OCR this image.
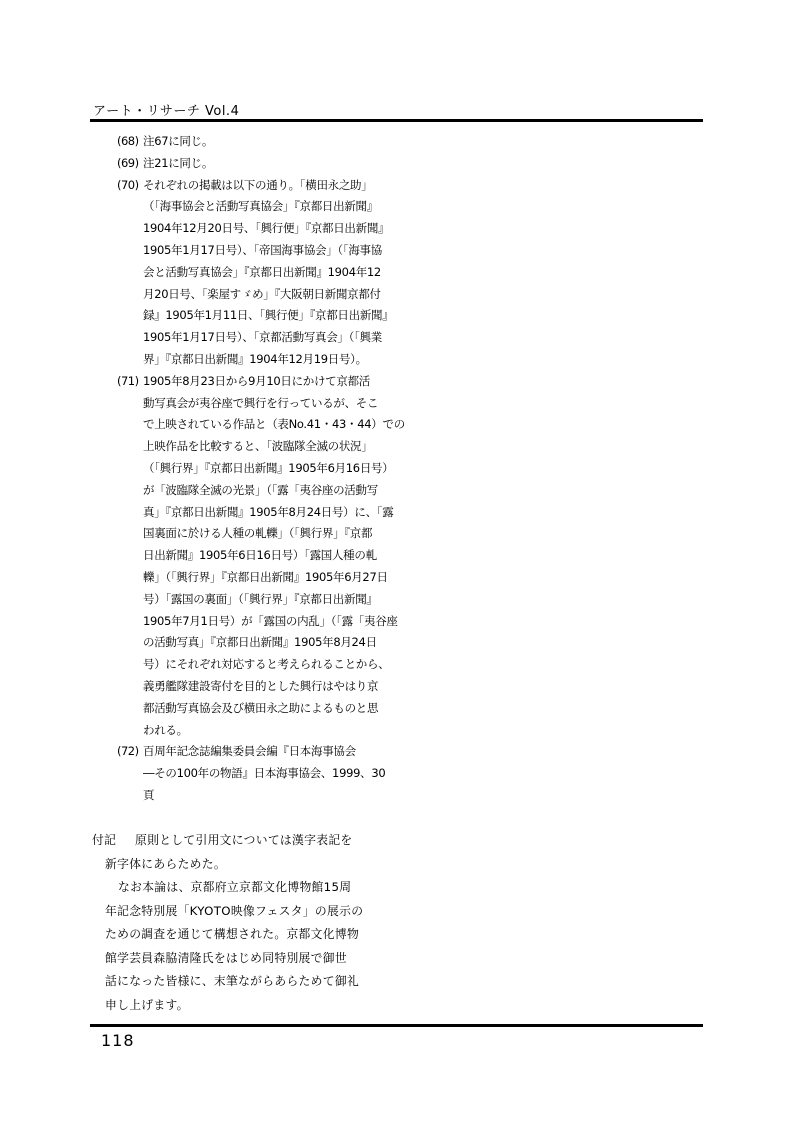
アート・リサーチ Vol.4
(68) 注67に同じ。
(69) 注21に同じ。
(70) それぞれの掲載は以下の通り。「横田永之助」
（「海事協会と活動写真協会」『京都日出新聞』
1904年12月20日号、「興行便」『京都日出新聞』
1905年1月17日号）、「帝国海事協会」（「海事協
会と活動写真協会」『京都日出新聞』1904年12
月20日号、「楽屋すゞめ」『大阪朝日新聞京都付
録』1905年1月11日、「興行便」『京都日出新聞』
1905年1月17日号）、「京都活動写真会」（「興業
界」『京都日出新聞』1904年12月19日号）。
(71) 1905年8月23日から9月10日にかけて京都活
動写真会が夷谷座で興行を行っているが、そこ
で上映されている作品と（表No.41・43・44）での
上映作品を比較すると、「波臨隊全滅の状況」
（「興行界」『京都日出新聞』1905年6月16日号）
が「波臨隊全滅の光景」（「露「夷谷座の活動写
真」『京都日出新聞』1905年8月24日号）に、「露
国裏面に於ける人種の軋轢」（「興行界」『京都
日出新聞』1905年6日16日号）「露国人種の軋
轢」（「興行界」『京都日出新聞』1905年6月27日
号）「露国の裏面」（「興行界」『京都日出新聞』
1905年7月1日号）が「露国の内乱」（「露「夷谷座
の活動写真」『京都日出新聞』1905年8月24日
号）にそれぞれ対応すると考えられることから、
義勇艦隊建設寄付を目的とした興行はやはり京
都活動写真協会及び横田永之助によるものと思
われる。
(72) 百周年記念誌編集委員会編『日本海事協会
―その100年の物語』日本海事協会、1999、30
頁
付記	原則として引用文については漢字表記を
新字体にあらためた。
なお本論は、京都府立京都文化博物館15周
年記念特別展「KYOTO映像フェスタ」の展示の
ための調査を通じて構想された。京都文化博物
館学芸員森脇清隆氏をはじめ同特別展で御世
話になった皆様に、末筆ながらあらためて御礼
申し上げます。
118
